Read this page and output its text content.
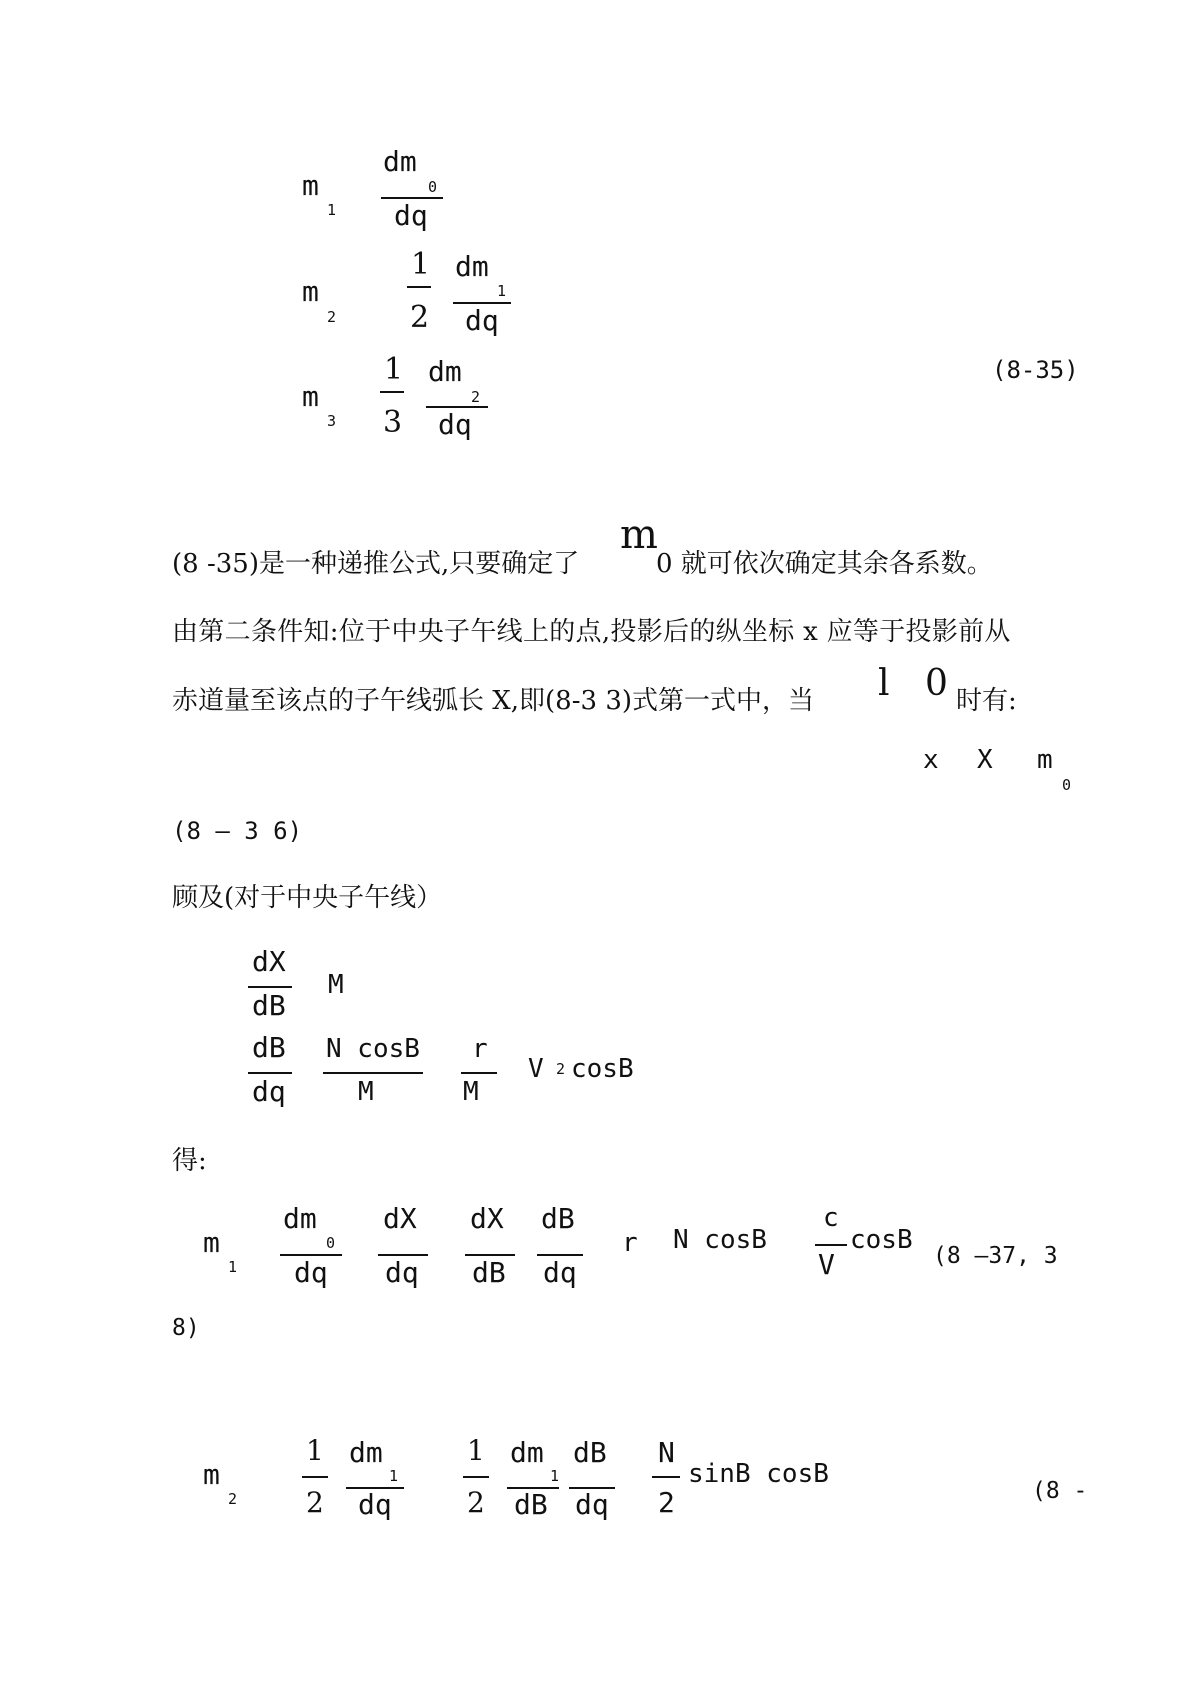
m
1
dm
0
dq
m
2
1
2
dm
1
dq
m
3
1
3
dm
2
dq
(8-35)
(8 -35)是一种递推公式,只要确定了
m
0 就可依次确定其余各系数。
由第二条件知:位于中央子午线上的点,投影后的纵坐标 x 应等于投影前从
赤道量至该点的子午线弧长 X,即(8-3 3)式第一式中，当 l 0 时有:
x X m
0
(8 — 3 6)
顾及(对于中央子午线）
dX
dB
M
dB
dq
N cosB
M
r
M
V 2 cosB
得:
m
1
dm
0
dq
dX
dq
dX
dB
dB
dq
r N cosB
c
V
cosB
(8 —37, 3
8)
m
2
1
2
dm
1
dq
1
2
dm
1
dB
dB
dq
N
2
sinB cosB
(8 -
